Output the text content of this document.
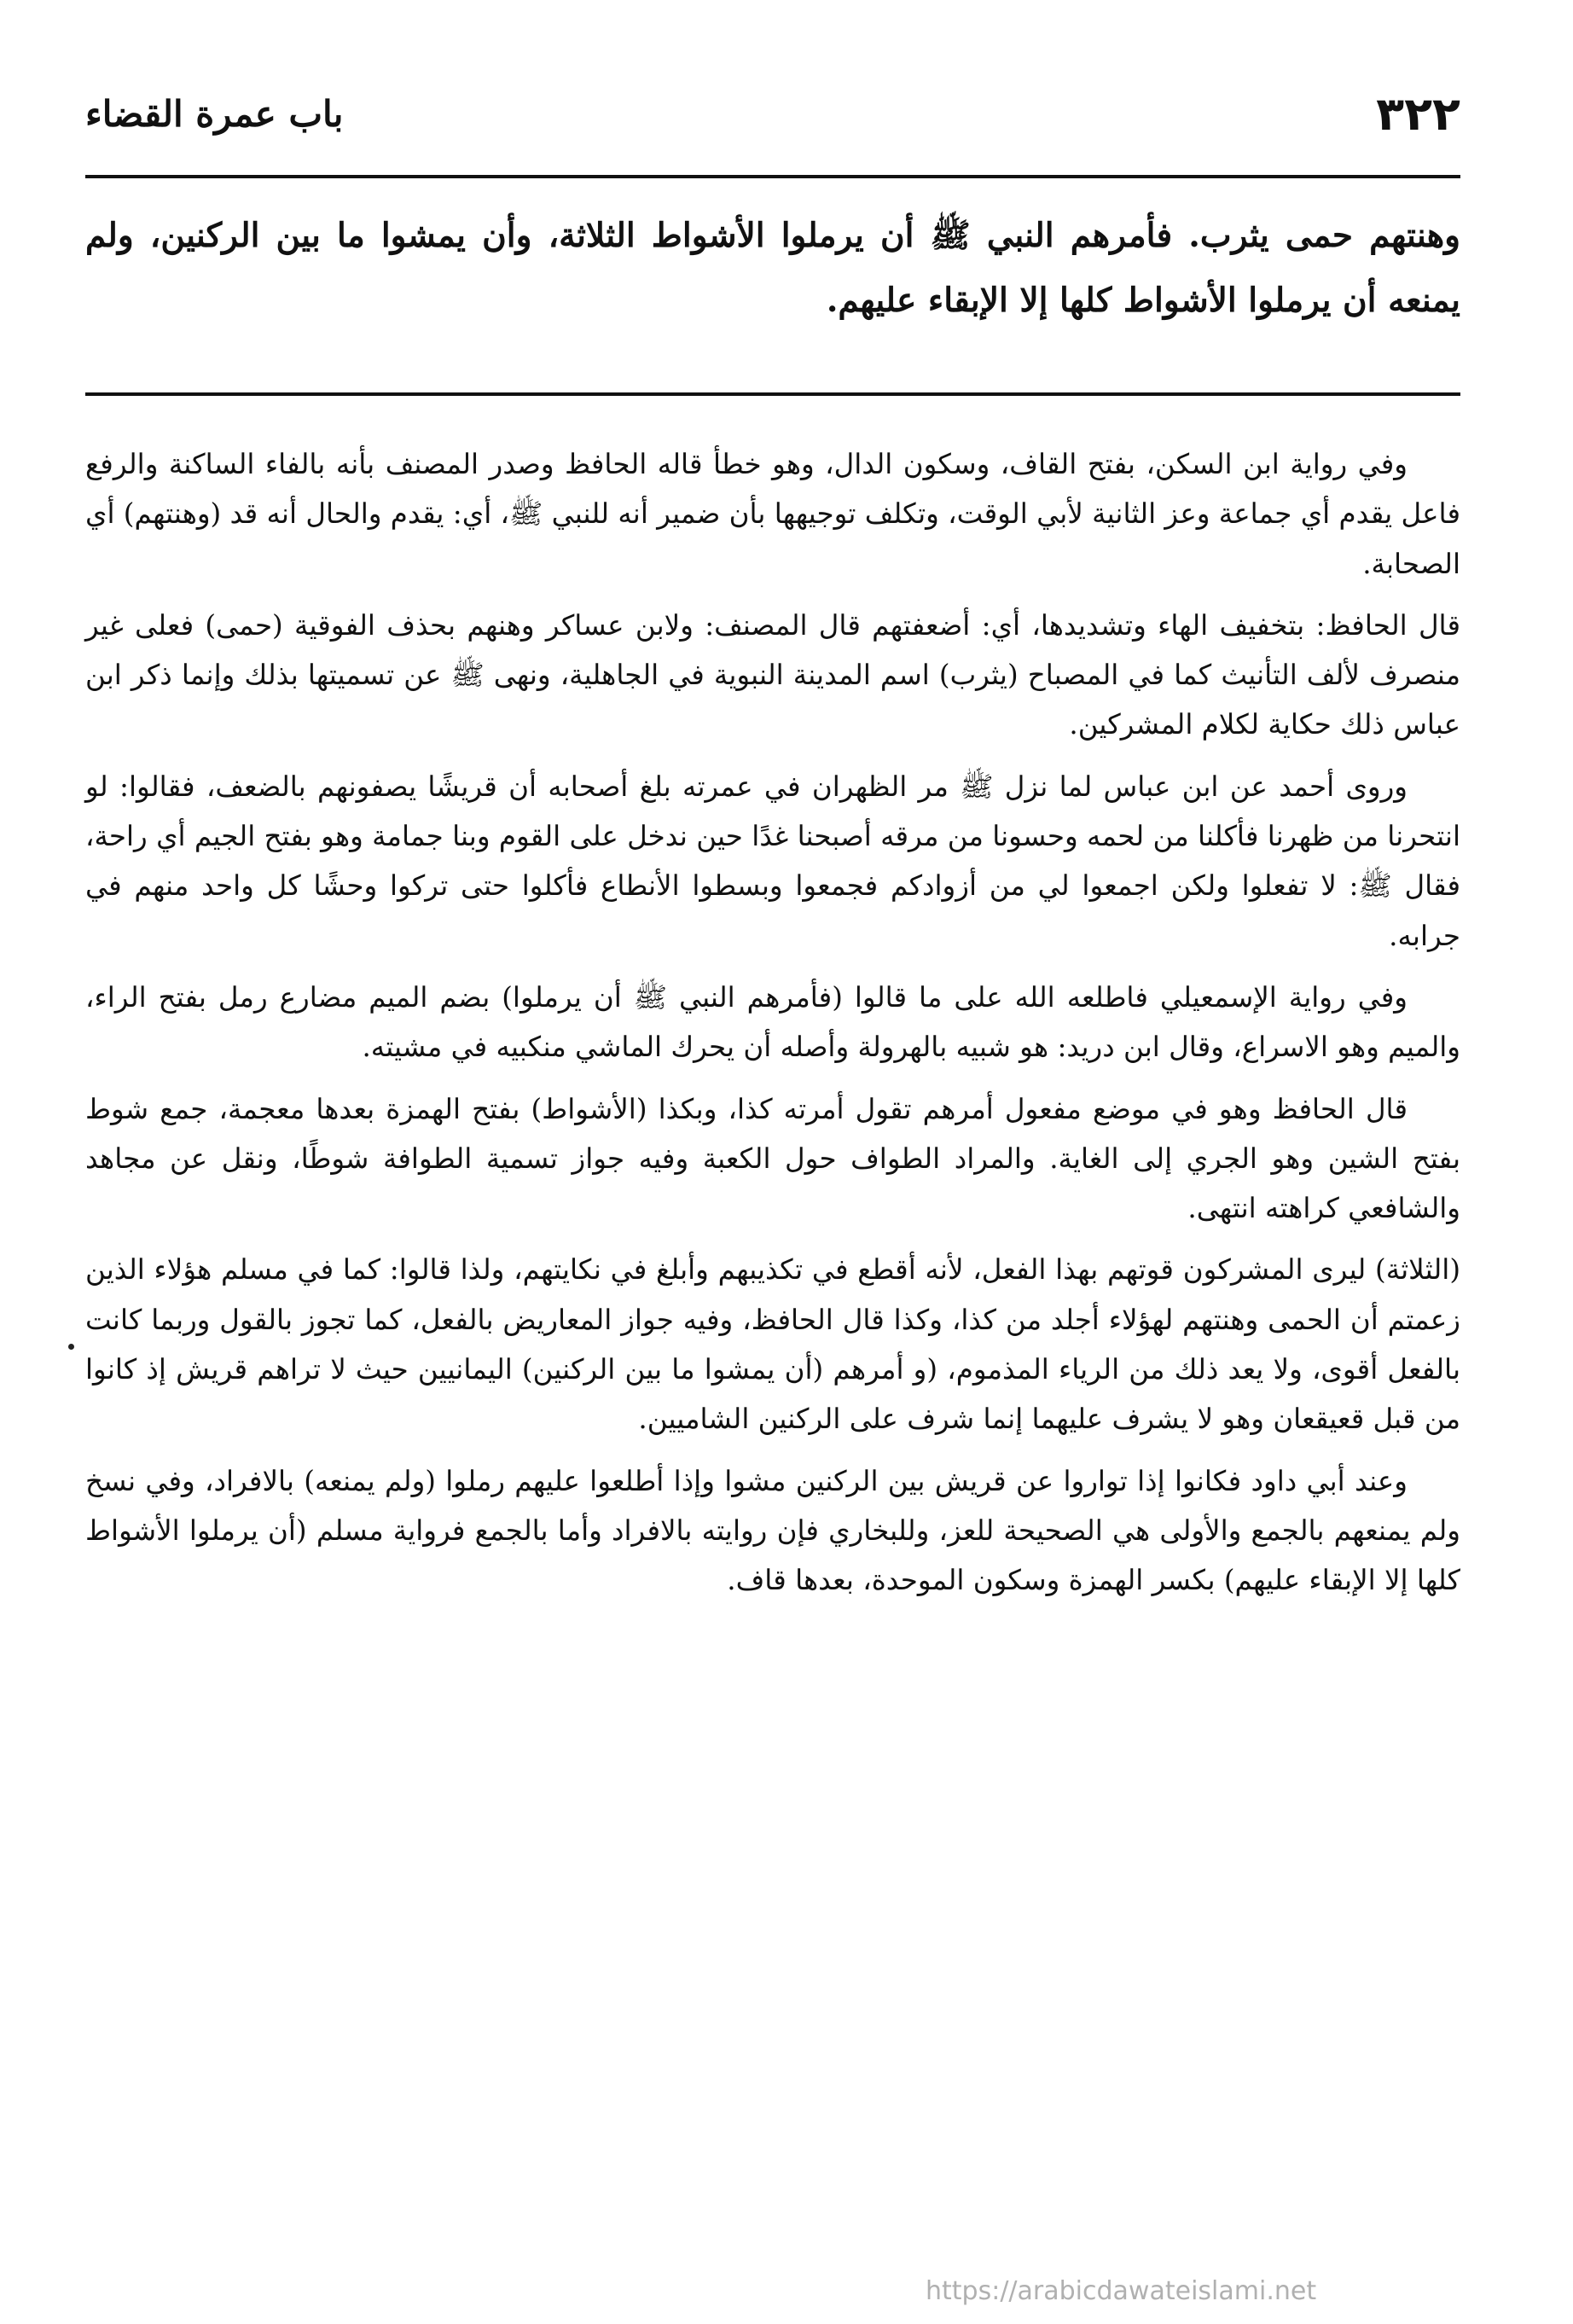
٣٢٢
باب عمرة القضاء
وهنتهم حمى يثرب. فأمرهم النبي ﷺ أن يرملوا الأشواط الثلاثة، وأن يمشوا ما بين الركنين، ولم يمنعه أن يرملوا الأشواط كلها إلا الإبقاء عليهم.

وفي رواية ابن السكن، بفتح القاف، وسكون الدال، وهو خطأ قاله الحافظ وصدر المصنف بأنه بالفاء الساكنة والرفع فاعل يقدم أي جماعة وعز الثانية لأبي الوقت، وتكلف توجيهها بأن ضمير أنه للنبي ﷺ، أي: يقدم والحال أنه قد (وهنتهم) أي الصحابة.

قال الحافظ: بتخفيف الهاء وتشديدها، أي: أضعفتهم قال المصنف: ولابن عساكر وهنهم بحذف الفوقية (حمى) فعلى غير منصرف لألف التأنيث كما في المصباح (يثرب) اسم المدينة النبوية في الجاهلية، ونهى ﷺ عن تسميتها بذلك وإنما ذكر ابن عباس ذلك حكاية لكلام المشركين.

وروى أحمد عن ابن عباس لما نزل ﷺ مر الظهران في عمرته بلغ أصحابه أن قريشًا يصفونهم بالضعف، فقالوا: لو انتحرنا من ظهرنا فأكلنا من لحمه وحسونا من مرقه أصبحنا غدًا حين ندخل على القوم وبنا جمامة وهو بفتح الجيم أي راحة، فقال ﷺ: لا تفعلوا ولكن اجمعوا لي من أزوادكم فجمعوا وبسطوا الأنطاع فأكلوا حتى تركوا وحشًا كل واحد منهم في جرابه.

وفي رواية الإسمعيلي فاطلعه الله على ما قالوا (فأمرهم النبي ﷺ أن يرملوا) بضم الميم مضارع رمل بفتح الراء، والميم وهو الاسراع، وقال ابن دريد: هو شبيه بالهرولة وأصله أن يحرك الماشي منكبيه في مشيته.

قال الحافظ وهو في موضع مفعول أمرهم تقول أمرته كذا، وبكذا (الأشواط) بفتح الهمزة بعدها معجمة، جمع شوط بفتح الشين وهو الجري إلى الغاية. والمراد الطواف حول الكعبة وفيه جواز تسمية الطوافة شوطًا، ونقل عن مجاهد والشافعي كراهته انتهى.

(الثلاثة) ليرى المشركون قوتهم بهذا الفعل، لأنه أقطع في تكذيبهم وأبلغ في نكايتهم، ولذا قالوا: كما في مسلم هؤلاء الذين زعمتم أن الحمى وهنتهم لهؤلاء أجلد من كذا، وكذا قال الحافظ، وفيه جواز المعاريض بالفعل، كما تجوز بالقول وربما كانت بالفعل أقوى، ولا يعد ذلك من الرياء المذموم، (و أمرهم (أن يمشوا ما بين الركنين) اليمانيين حيث لا تراهم قريش إذ كانوا من قبل قعيقعان وهو لا يشرف عليهما إنما شرف على الركنين الشاميين.

وعند أبي داود فكانوا إذا تواروا عن قريش بين الركنين مشوا وإذا أطلعوا عليهم رملوا (ولم يمنعه) بالافراد، وفي نسخ ولم يمنعهم بالجمع والأولى هي الصحيحة للعز، وللبخاري فإن روايته بالافراد وأما بالجمع فرواية مسلم (أن يرملوا الأشواط كلها إلا الإبقاء عليهم) بكسر الهمزة وسكون الموحدة، بعدها قاف.

https://arabicdawateislami.net
